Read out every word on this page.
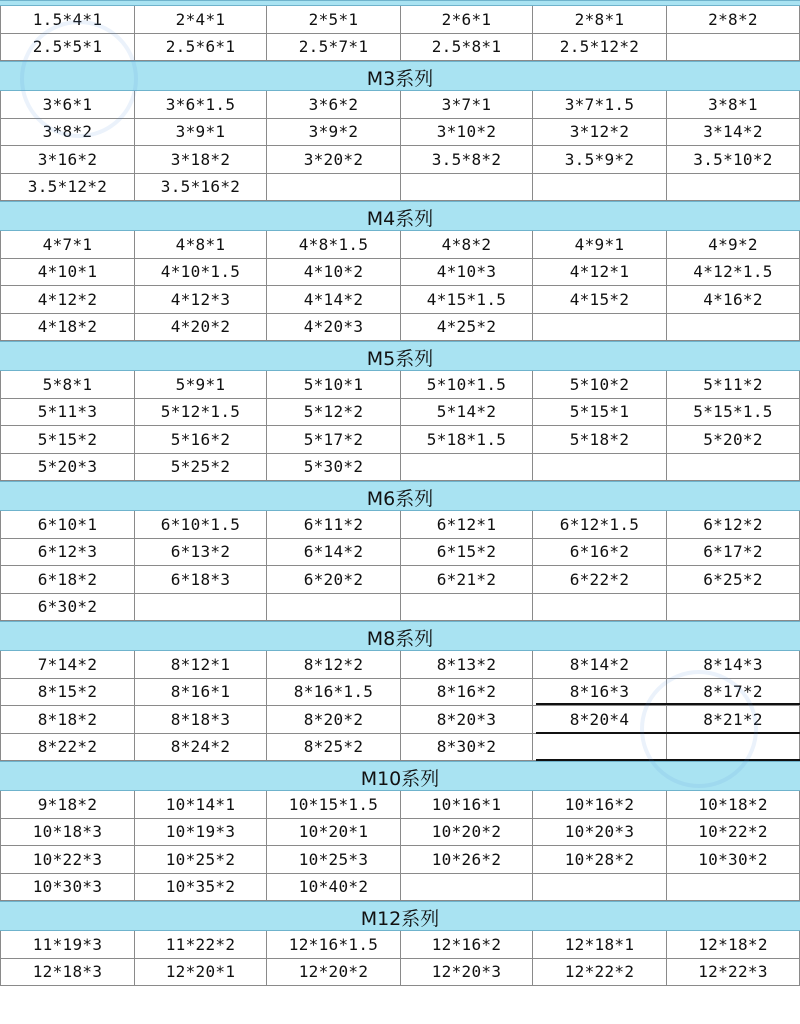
1.5*4*1	2*4*1	2*5*1	2*6*1	2*8*1	2*8*2
2.5*5*1	2.5*6*1	2.5*7*1	2.5*8*1	2.5*12*2
M3系列
3*6*1	3*6*1.5	3*6*2	3*7*1	3*7*1.5	3*8*1
3*8*2	3*9*1	3*9*2	3*10*2	3*12*2	3*14*2
3*16*2	3*18*2	3*20*2	3.5*8*2	3.5*9*2	3.5*10*2
3.5*12*2	3.5*16*2
M4系列
4*7*1	4*8*1	4*8*1.5	4*8*2	4*9*1	4*9*2
4*10*1	4*10*1.5	4*10*2	4*10*3	4*12*1	4*12*1.5
4*12*2	4*12*3	4*14*2	4*15*1.5	4*15*2	4*16*2
4*18*2	4*20*2	4*20*3	4*25*2
M5系列
5*8*1	5*9*1	5*10*1	5*10*1.5	5*10*2	5*11*2
5*11*3	5*12*1.5	5*12*2	5*14*2	5*15*1	5*15*1.5
5*15*2	5*16*2	5*17*2	5*18*1.5	5*18*2	5*20*2
5*20*3	5*25*2	5*30*2
M6系列
6*10*1	6*10*1.5	6*11*2	6*12*1	6*12*1.5	6*12*2
6*12*3	6*13*2	6*14*2	6*15*2	6*16*2	6*17*2
6*18*2	6*18*3	6*20*2	6*21*2	6*22*2	6*25*2
6*30*2
M8系列
7*14*2	8*12*1	8*12*2	8*13*2	8*14*2	8*14*3
8*15*2	8*16*1	8*16*1.5	8*16*2	8*16*3	8*17*2
8*18*2	8*18*3	8*20*2	8*20*3	8*20*4	8*21*2
8*22*2	8*24*2	8*25*2	8*30*2
M10系列
9*18*2	10*14*1	10*15*1.5	10*16*1	10*16*2	10*18*2
10*18*3	10*19*3	10*20*1	10*20*2	10*20*3	10*22*2
10*22*3	10*25*2	10*25*3	10*26*2	10*28*2	10*30*2
10*30*3	10*35*2	10*40*2
M12系列
11*19*3	11*22*2	12*16*1.5	12*16*2	12*18*1	12*18*2
12*18*3	12*20*1	12*20*2	12*20*3	12*22*2	12*22*3
